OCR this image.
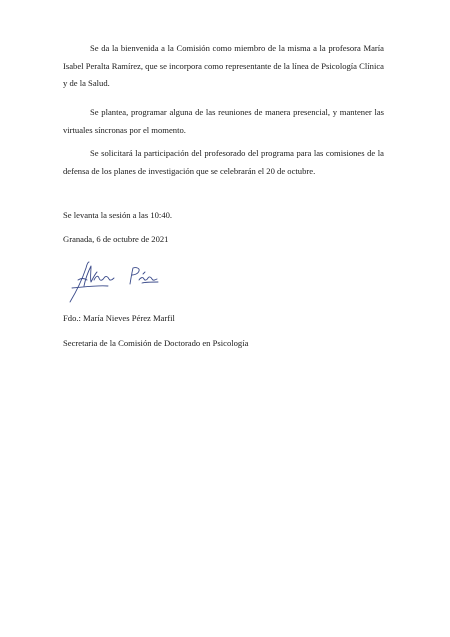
Se da la bienvenida a la Comisión como miembro de la misma a la profesora María Isabel Peralta Ramírez, que se incorpora como representante de la línea de Psicología Clínica y de la Salud.

Se plantea, programar alguna de las reuniones de manera presencial, y mantener las virtuales síncronas por el momento.

Se solicitará la participación del profesorado del programa para las comisiones de la defensa de los planes de investigación que se celebrarán el 20 de octubre.

Se levanta la sesión a las 10:40.

Granada, 6 de octubre de 2021

Fdo.: María Nieves Pérez Marfil

Secretaria de la Comisión de Doctorado en Psicología
